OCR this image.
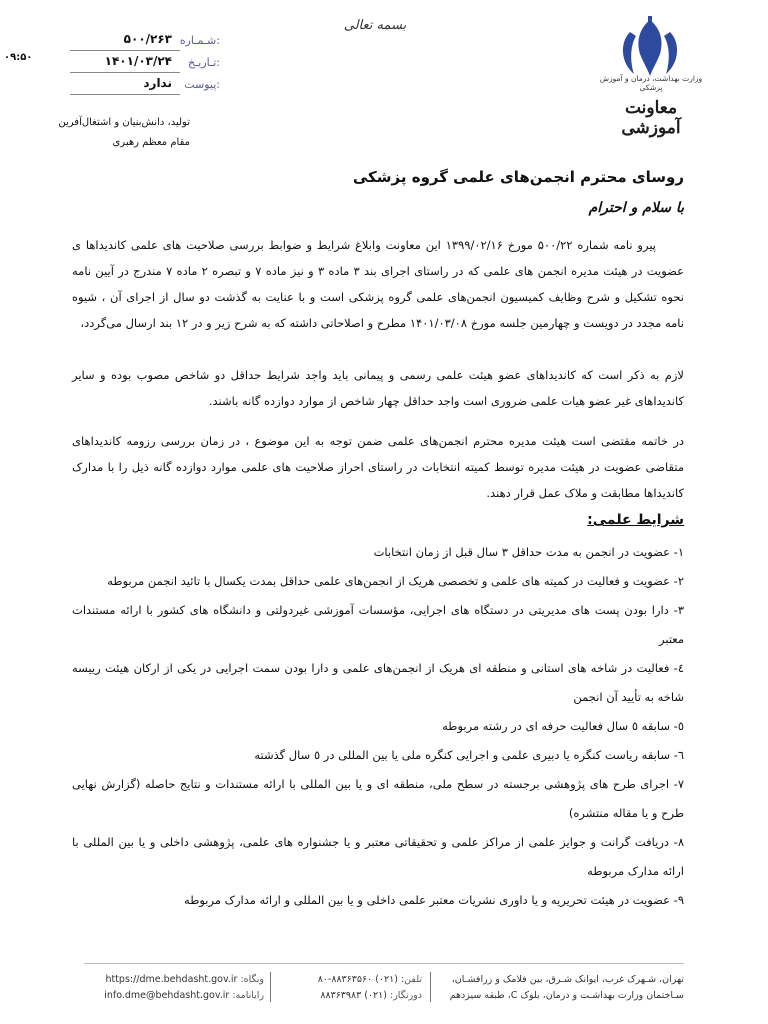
بسمه تعالی
وزارت بهداشت، درمان و آموزش پزشکی
معاونت آموزشی
شـمـاره:
۵۰۰/۲۶۳
تـاريـخ:
۱۴۰۱/۰۳/۲۴
پيوست:
ندارد
۰۹:۵۰
تولید، دانش‌بنیان و اشتغال‌آفرین
مقام معظم رهبری
روسای محترم انجمن‌های علمی گروه پزشکی
با سلام و احترام

پیرو نامه شماره ۵۰۰/۲۲ مورخ ۱۳۹۹/۰۲/۱۶ این معاونت وابلاغ شرایط و ضوابط بررسی صلاحیت های علمی کاندیداها ی عضویت در هیئت مدیره انجمن های علمی که در راستای اجرای بند ۳ ماده ۳ و نیز ماده ۷ و تبصره ۲ ماده ۷ مندرج در آیین نامه نحوه تشکیل و شرح وظایف کمیسیون انجمن‌های علمی گروه پزشکی است و با عنایت به گذشت دو سال از اجرای آن ، شیوه نامه مجدد در دویست و چهارمین جلسه مورخ ۱۴۰۱/۰۳/۰۸ مطرح و اصلاحاتی داشته که به شرح زیر و در ۱۲ بند ارسال می‌گردد،

لازم به ذکر است که کاندیداهای عضو هیئت علمی رسمی و پیمانی باید واجد شرایط حداقل دو شاخص مصوب بوده و سایر کاندیداهای غیر عضو هیات علمی ضروری است واجد حداقل چهار شاخص از موارد دوازده گانه باشند.

در خاتمه مقتضی است هیئت مدیره محترم انجمن‌های علمی ضمن توجه به این موضوع ، در زمان بررسی رزومه کاندیداهای متقاضی عضویت در هیئت مدیره توسط کمیته انتخابات در راستای احراز صلاحیت های علمی موارد دوازده گانه ذیل را با مدارک کاندیداها مطابقت و ملاک عمل قرار دهند.

شرایط علمی:
۱- عضویت در انجمن به مدت حداقل ۳ سال قبل از زمان انتخابات
۲- عضویت و فعالیت در کمیته های علمی و تخصصی هریک از انجمن‌های علمی حداقل بمدت یکسال با تائید انجمن مربوطه
۳- دارا بودن پست های مدیریتی در دستگاه های اجرایی، مؤسسات آموزشی غیردولتی و دانشگاه های کشور با ارائه مستندات معتبر
٤- فعالیت در شاخه های استانی و منطقه ای هریک از انجمن‌های علمی و دارا بودن سمت اجرایی در یکی از ارکان هیئت رییسه شاخه به تأیید آن انجمن
٥- سابقه ٥ سال فعالیت حرفه ای در رشته مربوطه
٦- سابقه ریاست کنگره یا دبیری علمی و اجرایی کنگره ملی یا بین المللی در ٥ سال گذشته
۷- اجرای طرح های پژوهشی برجسته در سطح ملی، منطقه ای و یا بین المللی با ارائه مستندات و نتایج حاصله (گزارش نهایی طرح و یا مقاله منتشره)
۸- دریافت گرانت و جوایز علمی از مراکز علمی و تحقیقاتی معتبر و یا جشنواره های علمی، پژوهشی داخلی و یا بین المللی با ارائه مدارک مربوطه
۹- عضویت در هیئت تحریریه و یا داوری نشریات معتبر علمی داخلی و یا بین المللی و ارائه مدارک مربوطه
تهران، شـهرک غرب، ایوانک شـرق، بین فلامک و زرافشـان،
سـاختمان وزارت بهداشـت و درمان، بلوک C، طبقه سیزدهم
تلفن: (۰۲۱) ۸۸۳۶۳۵۶۰-۸۰
دورنگار: (۰۲۱) ۸۸۳۶۳۹۸۳
وبگاه: https://dme.behdasht.gov.ir
رایانامه: info.dme@behdasht.gov.ir
